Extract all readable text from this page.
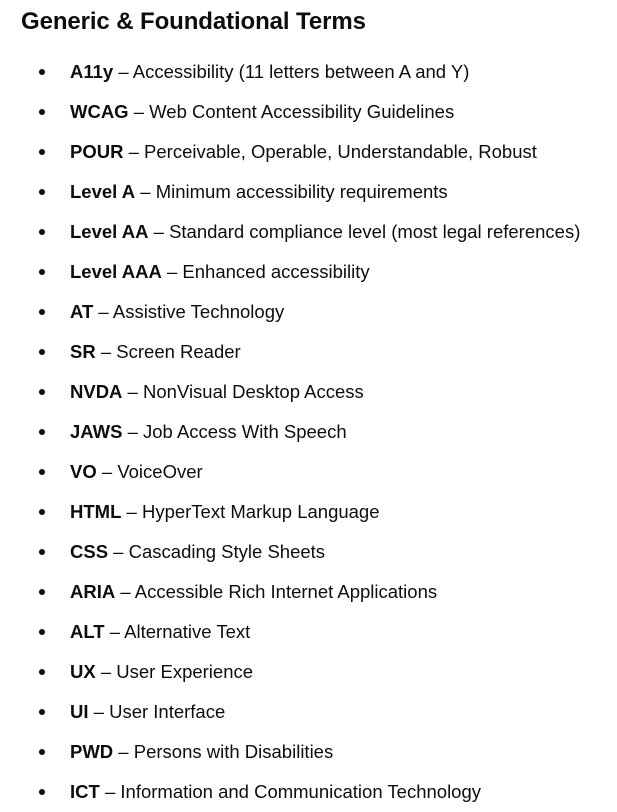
Generic & Foundational Terms
A11y – Accessibility (11 letters between A and Y)
WCAG – Web Content Accessibility Guidelines
POUR – Perceivable, Operable, Understandable, Robust
Level A – Minimum accessibility requirements
Level AA – Standard compliance level (most legal references)
Level AAA – Enhanced accessibility
AT – Assistive Technology
SR – Screen Reader
NVDA – NonVisual Desktop Access
JAWS – Job Access With Speech
VO – VoiceOver
HTML – HyperText Markup Language
CSS – Cascading Style Sheets
ARIA – Accessible Rich Internet Applications
ALT – Alternative Text
UX – User Experience
UI – User Interface
PWD – Persons with Disabilities
ICT – Information and Communication Technology
